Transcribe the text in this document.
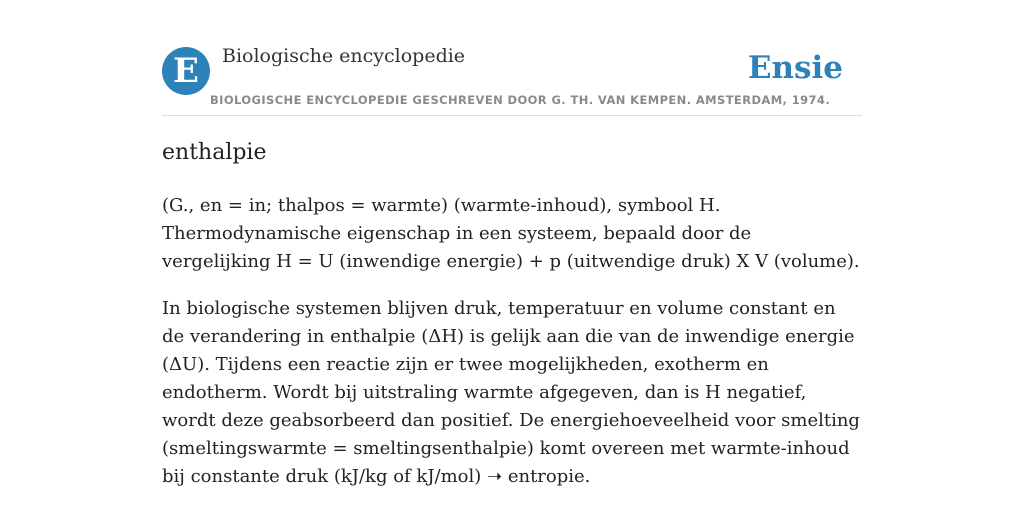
E	Biologische encyclopedie	Ensie
BIOLOGISCHE ENCYCLOPEDIE GESCHREVEN DOOR G. TH. VAN KEMPEN. AMSTERDAM, 1974.
enthalpie

(G., en = in; thalpos = warmte) (warmte-inhoud), symbool H. Thermodynamische eigenschap in een systeem, bepaald door de vergelijking H = U (inwendige energie) + p (uitwendige druk) X V (volume).

In biologische systemen blijven druk, temperatuur en volume constant en de verandering in enthalpie (ΔH) is gelijk aan die van de inwendige energie (ΔU). Tijdens een reactie zijn er twee mogelijkheden, exotherm en endotherm. Wordt bij uitstraling warmte afgegeven, dan is H negatief, wordt deze geabsorbeerd dan positief. De energiehoeveelheid voor smelting (smeltingswarmte = smeltingsenthalpie) komt overeen met warmte-inhoud bij constante druk (kJ/kg of kJ/mol) ➝ entropie.
